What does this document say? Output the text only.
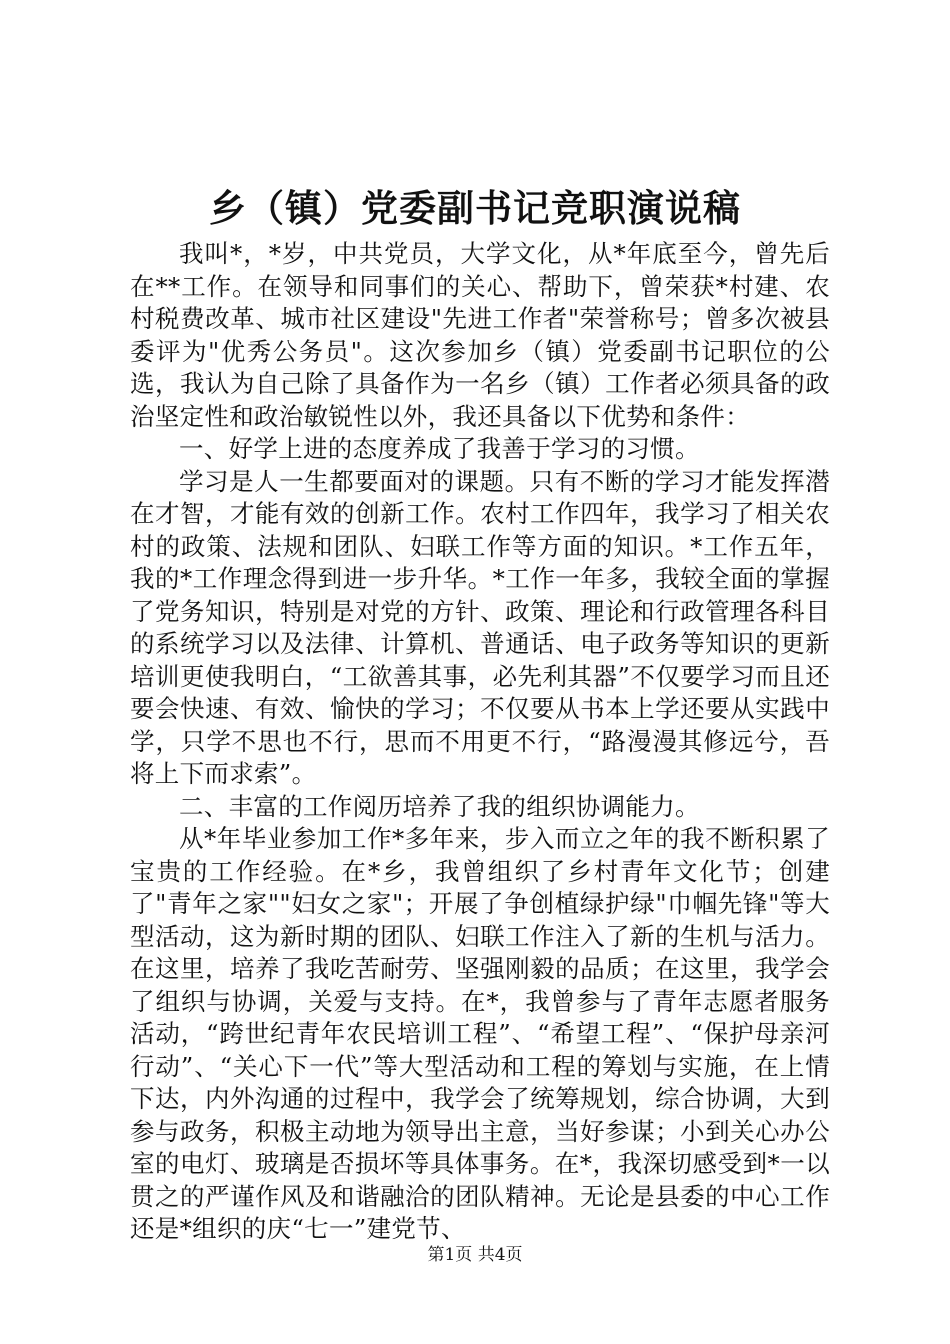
乡（镇）党委副书记竞职演说稿

我叫*，*岁，中共党员，大学文化，从*年底至今，曾先后在**工作。在领导和同事们的关心、帮助下，曾荣获*村建、农村税费改革、城市社区建设"先进工作者"荣誉称号；曾多次被县委评为"优秀公务员"。这次参加乡（镇）党委副书记职位的公选，我认为自己除了具备作为一名乡（镇）工作者必须具备的政治坚定性和政治敏锐性以外，我还具备以下优势和条件：

一、好学上进的态度养成了我善于学习的习惯。

学习是人一生都要面对的课题。只有不断的学习才能发挥潜在才智，才能有效的创新工作。农村工作四年，我学习了相关农村的政策、法规和团队、妇联工作等方面的知识。*工作五年，我的*工作理念得到进一步升华。*工作一年多，我较全面的掌握了党务知识，特别是对党的方针、政策、理论和行政管理各科目的系统学习以及法律、计算机、普通话、电子政务等知识的更新培训更使我明白，“工欲善其事，必先利其器”不仅要学习而且还要会快速、有效、愉快的学习；不仅要从书本上学还要从实践中学，只学不思也不行，思而不用更不行，“路漫漫其修远兮，吾将上下而求索”。

二、丰富的工作阅历培养了我的组织协调能力。

从*年毕业参加工作*多年来，步入而立之年的我不断积累了宝贵的工作经验。在*乡，我曾组织了乡村青年文化节；创建了"青年之家""妇女之家"；开展了争创植绿护绿"巾帼先锋"等大型活动，这为新时期的团队、妇联工作注入了新的生机与活力。在这里，培养了我吃苦耐劳、坚强刚毅的品质；在这里，我学会了组织与协调，关爱与支持。在*，我曾参与了青年志愿者服务活动，“跨世纪青年农民培训工程”、“希望工程”、“保护母亲河行动”、“关心下一代”等大型活动和工程的筹划与实施，在上情下达，内外沟通的过程中，我学会了统筹规划，综合协调，大到参与政务，积极主动地为领导出主意，当好参谋；小到关心办公室的电灯、玻璃是否损坏等具体事务。在*，我深切感受到*一以贯之的严谨作风及和谐融洽的团队精神。无论是县委的中心工作还是*组织的庆“七一”建党节、

第1页 共4页
